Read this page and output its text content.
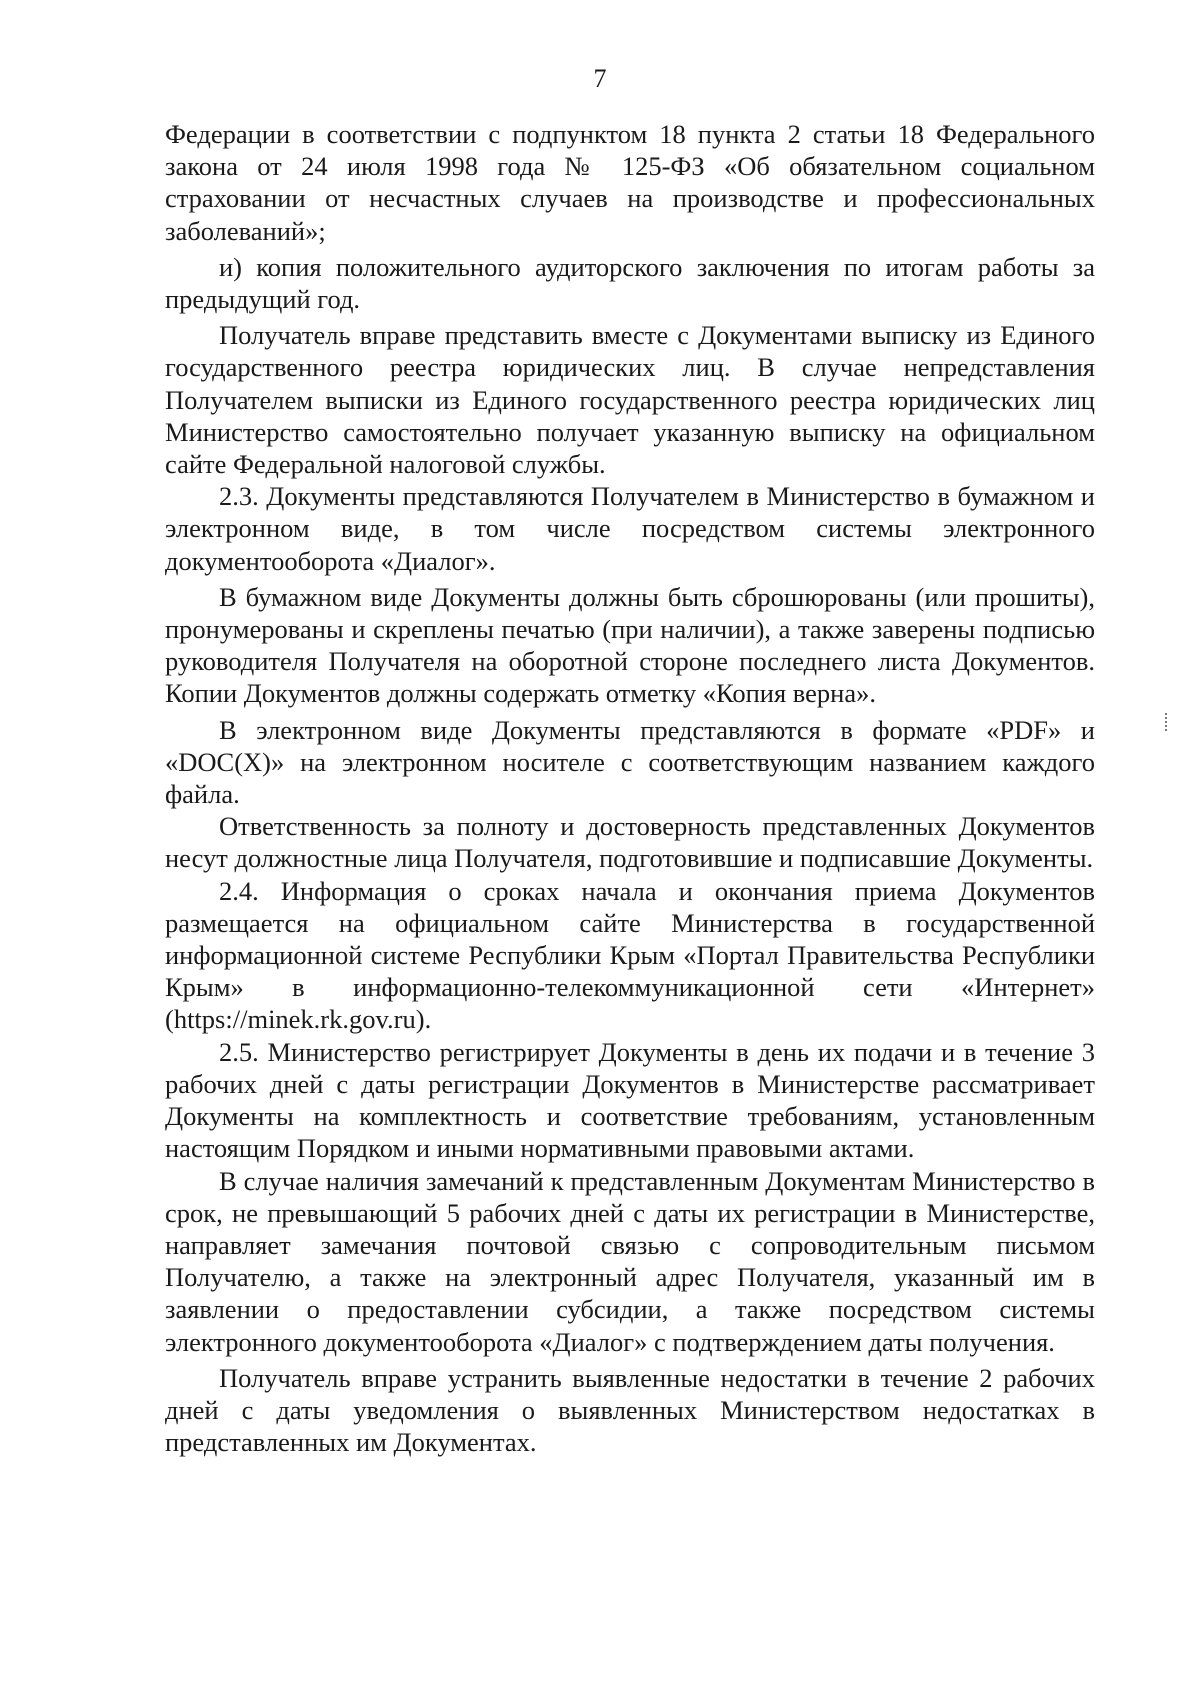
7

Федерации в соответствии с подпунктом 18 пункта 2 статьи 18 Федерального закона от 24 июля 1998 года № 125-ФЗ «Об обязательном социальном страховании от несчастных случаев на производстве и профессиональных заболеваний»;

и) копия положительного аудиторского заключения по итогам работы за предыдущий год.

Получатель вправе представить вместе с Документами выписку из Единого государственного реестра юридических лиц. В случае непредставления Получателем выписки из Единого государственного реестра юридических лиц Министерство самостоятельно получает указанную выписку на официальном сайте Федеральной налоговой службы.

2.3. Документы представляются Получателем в Министерство в бумажном и электронном виде, в том числе посредством системы электронного документооборота «Диалог».

В бумажном виде Документы должны быть сброшюрованы (или прошиты), пронумерованы и скреплены печатью (при наличии), а также заверены подписью руководителя Получателя на оборотной стороне последнего листа Документов. Копии Документов должны содержать отметку «Копия верна».

В электронном виде Документы представляются в формате «PDF» и «DOC(X)» на электронном носителе с соответствующим названием каждого файла.

Ответственность за полноту и достоверность представленных Документов несут должностные лица Получателя, подготовившие и подписавшие Документы.

2.4. Информация о сроках начала и окончания приема Документов размещается на официальном сайте Министерства в государственной информационной системе Республики Крым «Портал Правительства Республики Крым» в информационно-телекоммуникационной сети «Интернет» (https://minek.rk.gov.ru).

2.5. Министерство регистрирует Документы в день их подачи и в течение 3 рабочих дней с даты регистрации Документов в Министерстве рассматривает Документы на комплектность и соответствие требованиям, установленным настоящим Порядком и иными нормативными правовыми актами.

В случае наличия замечаний к представленным Документам Министерство в срок, не превышающий 5 рабочих дней с даты их регистрации в Министерстве, направляет замечания почтовой связью с сопроводительным письмом Получателю, а также на электронный адрес Получателя, указанный им в заявлении о предоставлении субсидии, а также посредством системы электронного документооборота «Диалог» с подтверждением даты получения.

Получатель вправе устранить выявленные недостатки в течение 2 рабочих дней с даты уведомления о выявленных Министерством недостатках в представленных им Документах.
